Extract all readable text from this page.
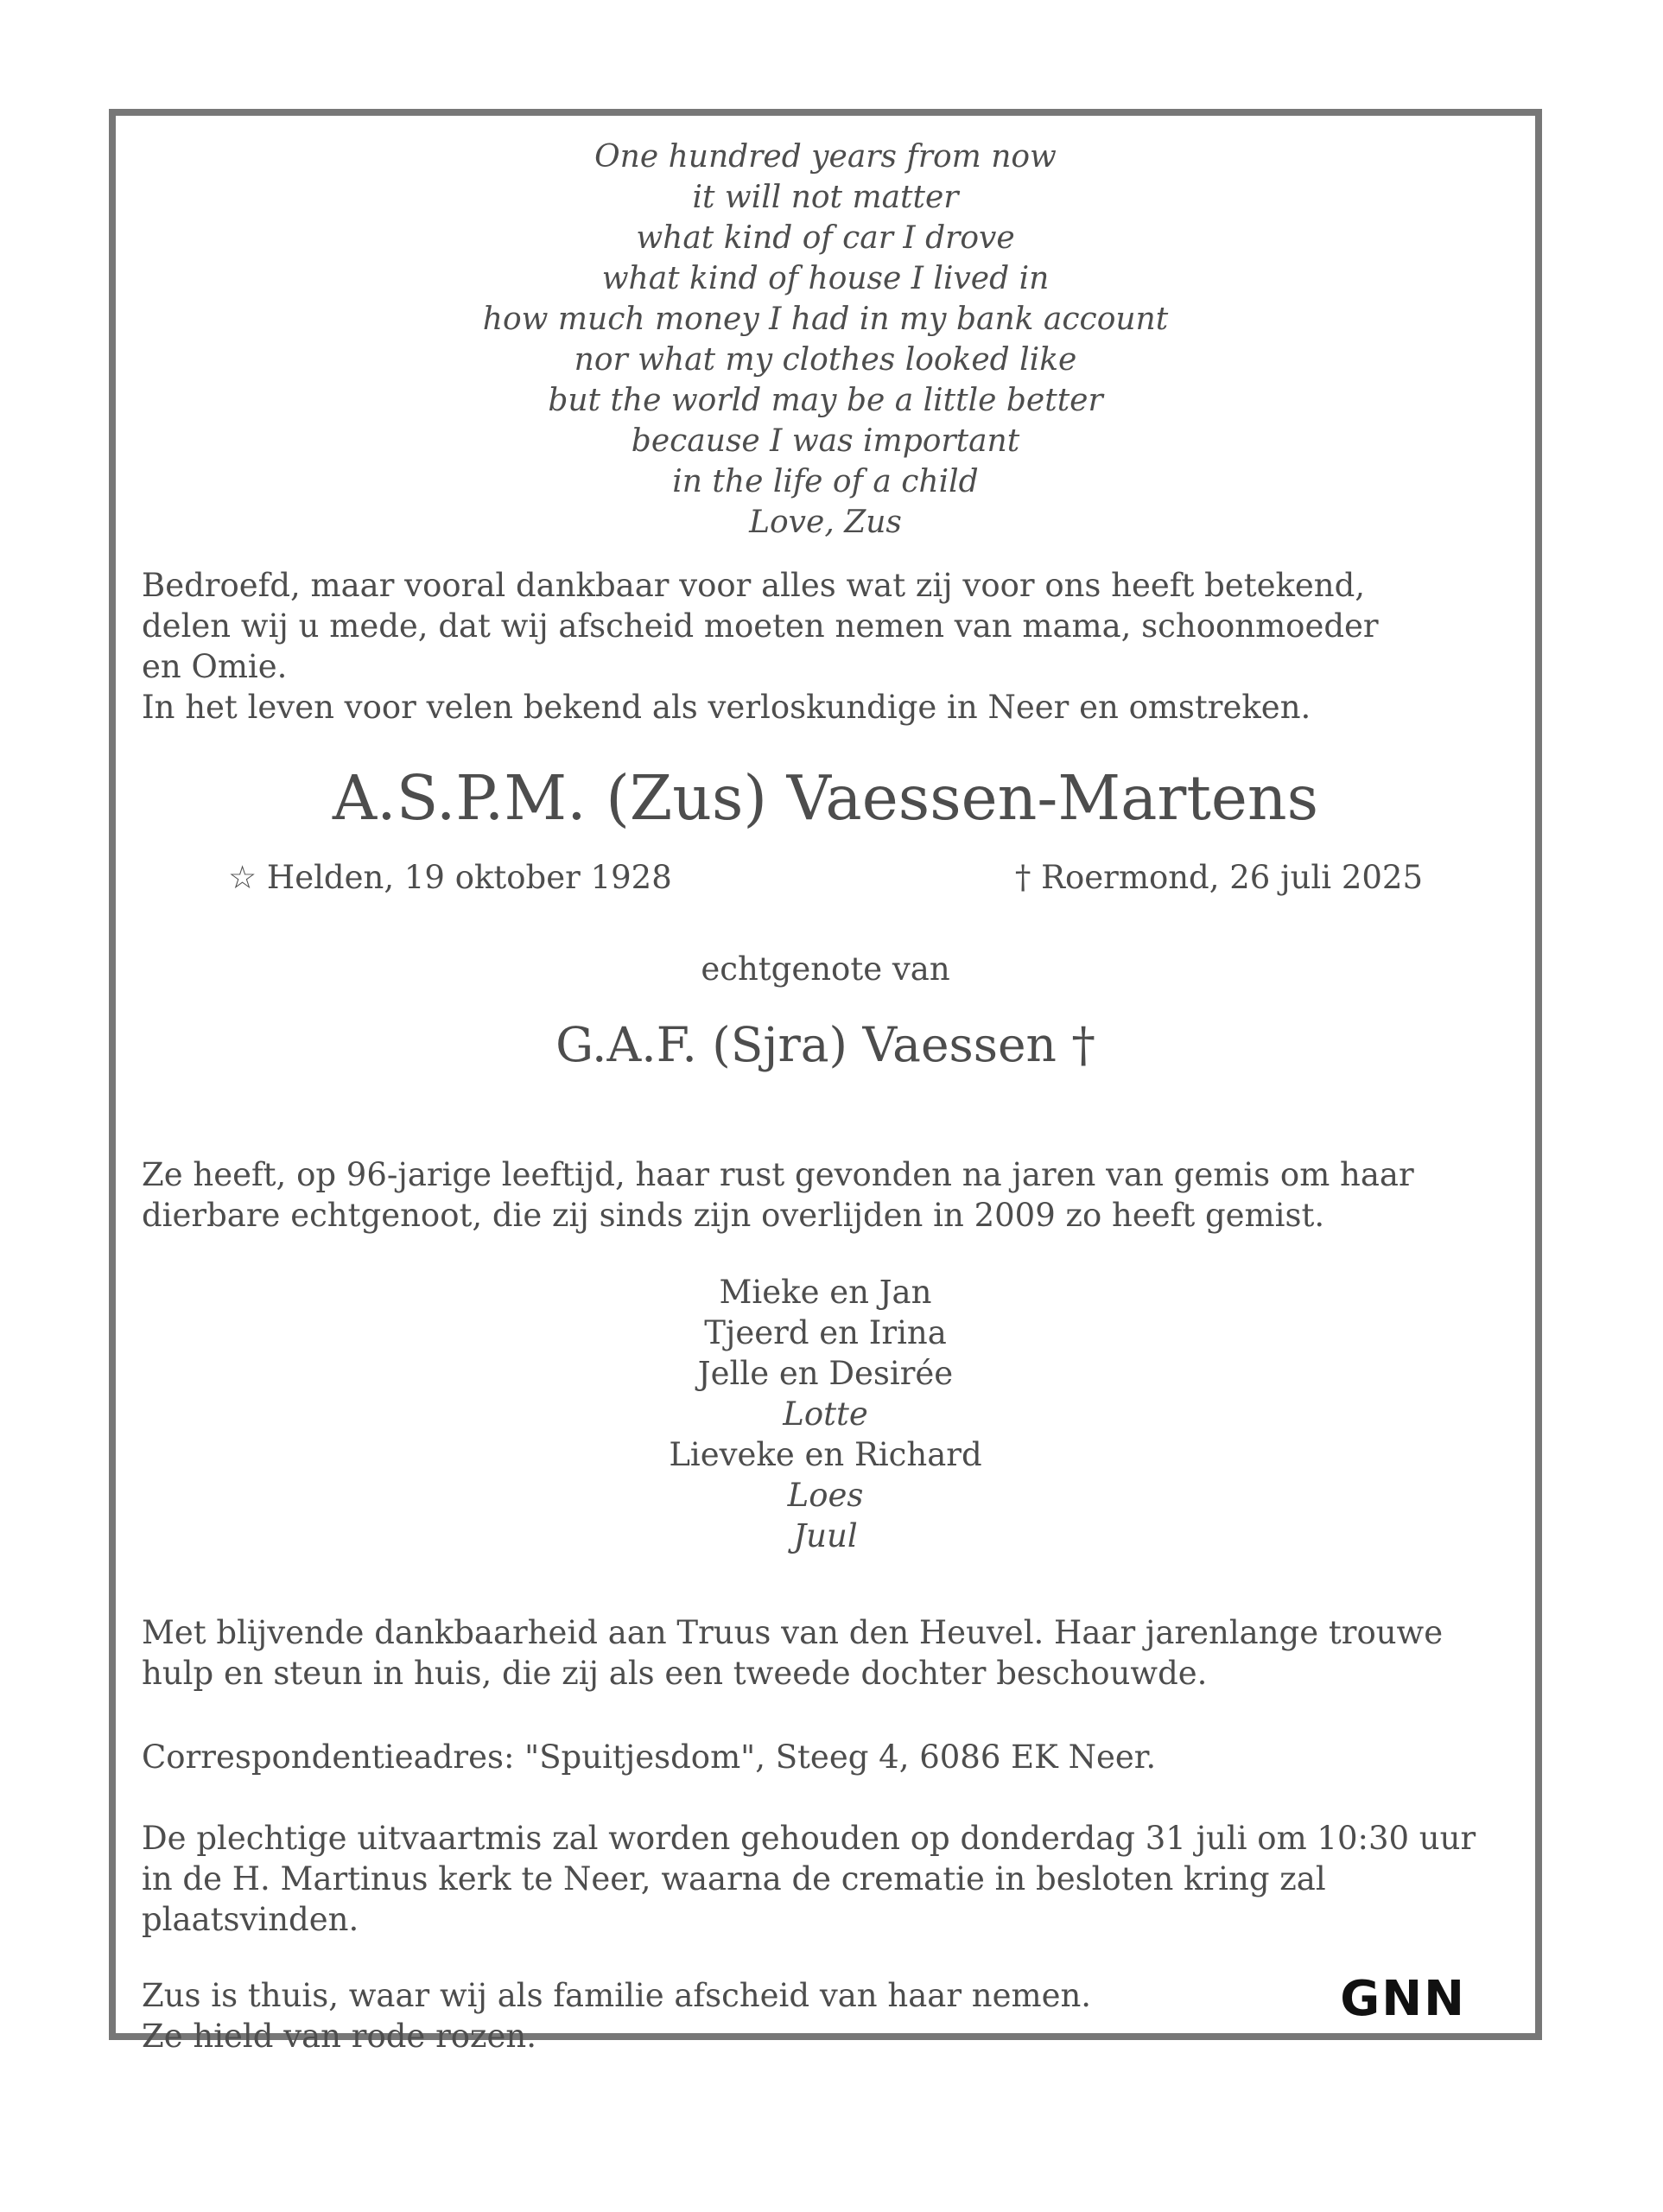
One hundred years from now
it will not matter
what kind of car I drove
what kind of house I lived in
how much money I had in my bank account
nor what my clothes looked like
but the world may be a little better
because I was important
in the life of a child
Love, Zus
Bedroefd, maar vooral dankbaar voor alles wat zij voor ons heeft betekend,
delen wij u mede, dat wij afscheid moeten nemen van mama, schoonmoeder
en Omie.
In het leven voor velen bekend als verloskundige in Neer en omstreken.
A.S.P.M. (Zus) Vaessen-Martens
☆ Helden, 19 oktober 1928	† Roermond, 26 juli 2025
echtgenote van
G.A.F. (Sjra) Vaessen †
Ze heeft, op 96-jarige leeftijd, haar rust gevonden na jaren van gemis om haar
dierbare echtgenoot, die zij sinds zijn overlijden in 2009 zo heeft gemist.
Mieke en Jan
Tjeerd en Irina
Jelle en Desirée
Lotte
Lieveke en Richard
Loes
Juul
Met blijvende dankbaarheid aan Truus van den Heuvel. Haar jarenlange trouwe
hulp en steun in huis, die zij als een tweede dochter beschouwde.
Correspondentieadres: "Spuitjesdom", Steeg 4, 6086 EK Neer.
De plechtige uitvaartmis zal worden gehouden op donderdag 31 juli om 10:30 uur
in de H. Martinus kerk te Neer, waarna de crematie in besloten kring zal
plaatsvinden.
Zus is thuis, waar wij als familie afscheid van haar nemen.
Ze hield van rode rozen.
GNN
